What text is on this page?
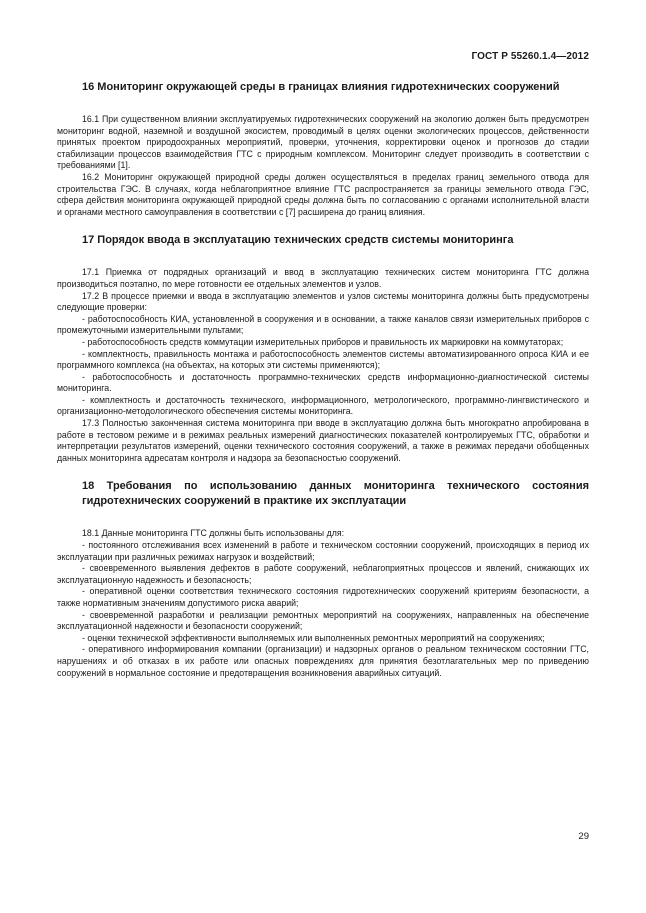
ГОСТ Р 55260.1.4—2012
16 Мониторинг окружающей среды в границах влияния гидротехнических сооружений

16.1 При существенном влиянии эксплуатируемых гидротехнических сооружений на экологию должен быть предусмотрен мониторинг водной, наземной и воздушной экосистем, проводимый в целях оценки экологических процессов, действенности принятых проектом природоохранных мероприятий, проверки, уточнения, корректировки оценок и прогнозов до стадии стабилизации процессов взаимодействия ГТС с природным комплексом. Мониторинг следует производить в соответствии с требованиями [1].

16.2 Мониторинг окружающей природной среды должен осуществляться в пределах границ земельного отвода для строительства ГЭС. В случаях, когда неблагоприятное влияние ГТС распространяется за границы земельного отвода ГЭС, сфера действия мониторинга окружающей природной среды должна быть по согласованию с органами исполнительной власти и органами местного самоуправления в соответствии с [7] расширена до границ влияния.

17 Порядок ввода в эксплуатацию технических средств системы мониторинга

17.1 Приемка от подрядных организаций и ввод в эксплуатацию технических систем мониторинга ГТС должна производиться поэтапно, по мере готовности ее отдельных элементов и узлов.

17.2 В процессе приемки и ввода в эксплуатацию элементов и узлов системы мониторинга должны быть предусмотрены следующие проверки:

- работоспособность КИА, установленной в сооружения и в основании, а также каналов связи измерительных приборов с промежуточными измерительными пультами;

- работоспособность средств коммутации измерительных приборов и правильность их маркировки на коммутаторах;

- комплектность, правильность монтажа и работоспособность элементов системы автоматизированного опроса КИА и ее программного комплекса (на объектах, на которых эти системы применяются);

- работоспособность и достаточность программно-технических средств информационно-диагностической системы мониторинга.

- комплектность и достаточность технического, информационного, метрологического, программно-лингвистического и организационно-методологического обеспечения системы мониторинга.

17.3 Полностью законченная система мониторинга при вводе в эксплуатацию должна быть многократно апробирована в работе в тестовом режиме и в режимах реальных измерений диагностических показателей контролируемых ГТС, обработки и интерпретации результатов измерений, оценки технического состояния сооружений, а также в режимах передачи обобщенных данных мониторинга адресатам контроля и надзора за безопасностью сооружений.

18 Требования по использованию данных мониторинга технического состояния гидротехнических сооружений в практике их эксплуатации

18.1 Данные мониторинга ГТС должны быть использованы для:

- постоянного отслеживания всех изменений в работе и техническом состоянии сооружений, происходящих в период их эксплуатации при различных режимах нагрузок и воздействий;

- своевременного выявления дефектов в работе сооружений, неблагоприятных процессов и явлений, снижающих их эксплуатационную надежность и безопасность;

- оперативной оценки соответствия технического состояния гидротехнических сооружений критериям безопасности, а также нормативным значениям допустимого риска аварий;

- своевременной разработки и реализации ремонтных мероприятий на сооружениях, направленных на обеспечение эксплуатационной надежности и безопасности сооружений;

- оценки технической эффективности выполняемых или выполненных ремонтных мероприятий на сооружениях;

- оперативного информирования компании (организации) и надзорных органов о реальном техническом состоянии ГТС, нарушениях и об отказах в их работе или опасных повреждениях для принятия безотлагательных мер по приведению сооружений в нормальное состояние и предотвращения возникновения аварийных ситуаций.

29
